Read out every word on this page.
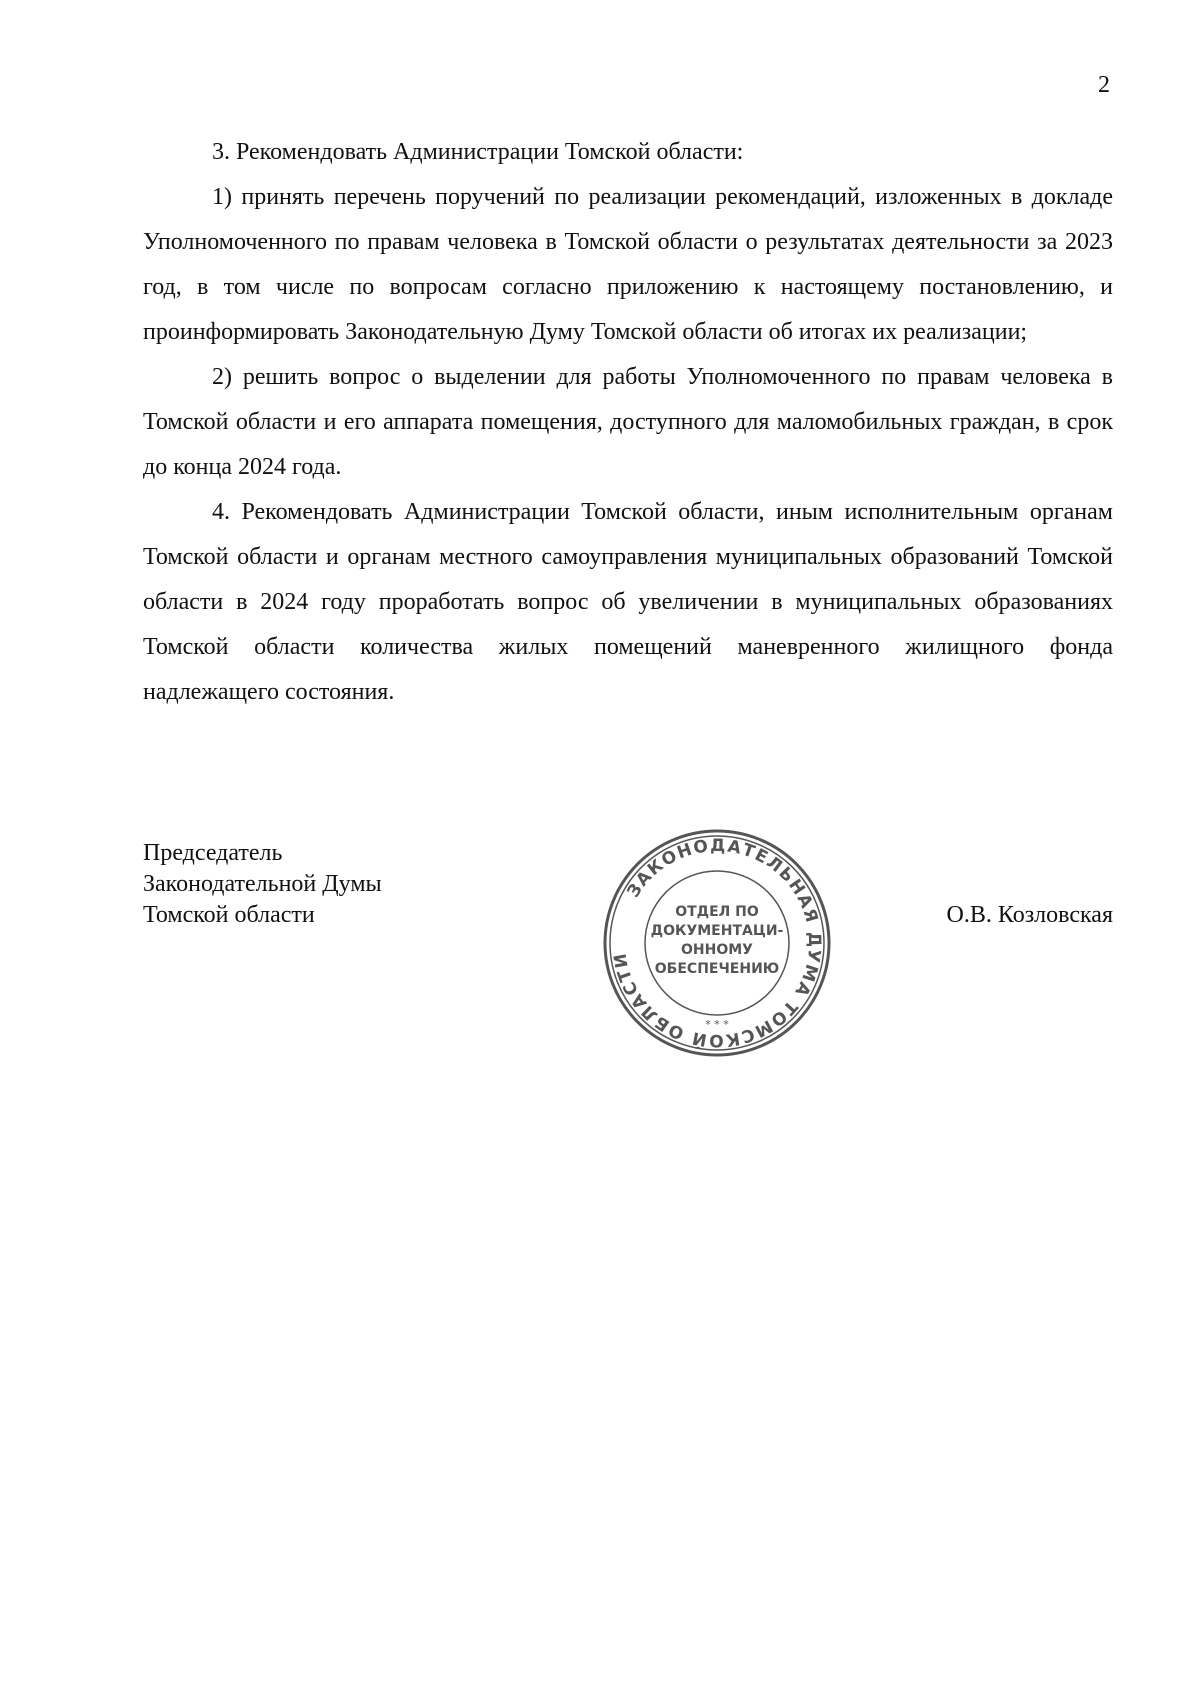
2

3. Рекомендовать Администрации Томской области:

1) принять перечень поручений по реализации рекомендаций, изложенных в докладе Уполномоченного по правам человека в Томской области о результатах деятельности за 2023 год, в том числе по вопросам согласно приложению к настоящему постановлению, и проинформировать Законодательную Думу Томской области об итогах их реализации;

2) решить вопрос о выделении для работы Уполномоченного по правам человека в Томской области и его аппарата помещения, доступного для маломобильных граждан, в срок до конца 2024 года.

4. Рекомендовать Администрации Томской области, иным исполнительным органам Томской области и органам местного самоуправления муниципальных образований Томской области в 2024 году проработать вопрос об увеличении в муниципальных образованиях Томской области количества жилых помещений маневренного жилищного фонда надлежащего состояния.

Председатель
Законодательной Думы
Томской области
ЗАКОНОДАТЕЛЬНАЯ ДУМА ТОМСКОЙ ОБЛАСТИ
ОТДЕЛ ПО
ДОКУМЕНТАЦИ-
ОННОМУ
ОБЕСПЕЧЕНИЮ
* * *
О.В. Козловская
